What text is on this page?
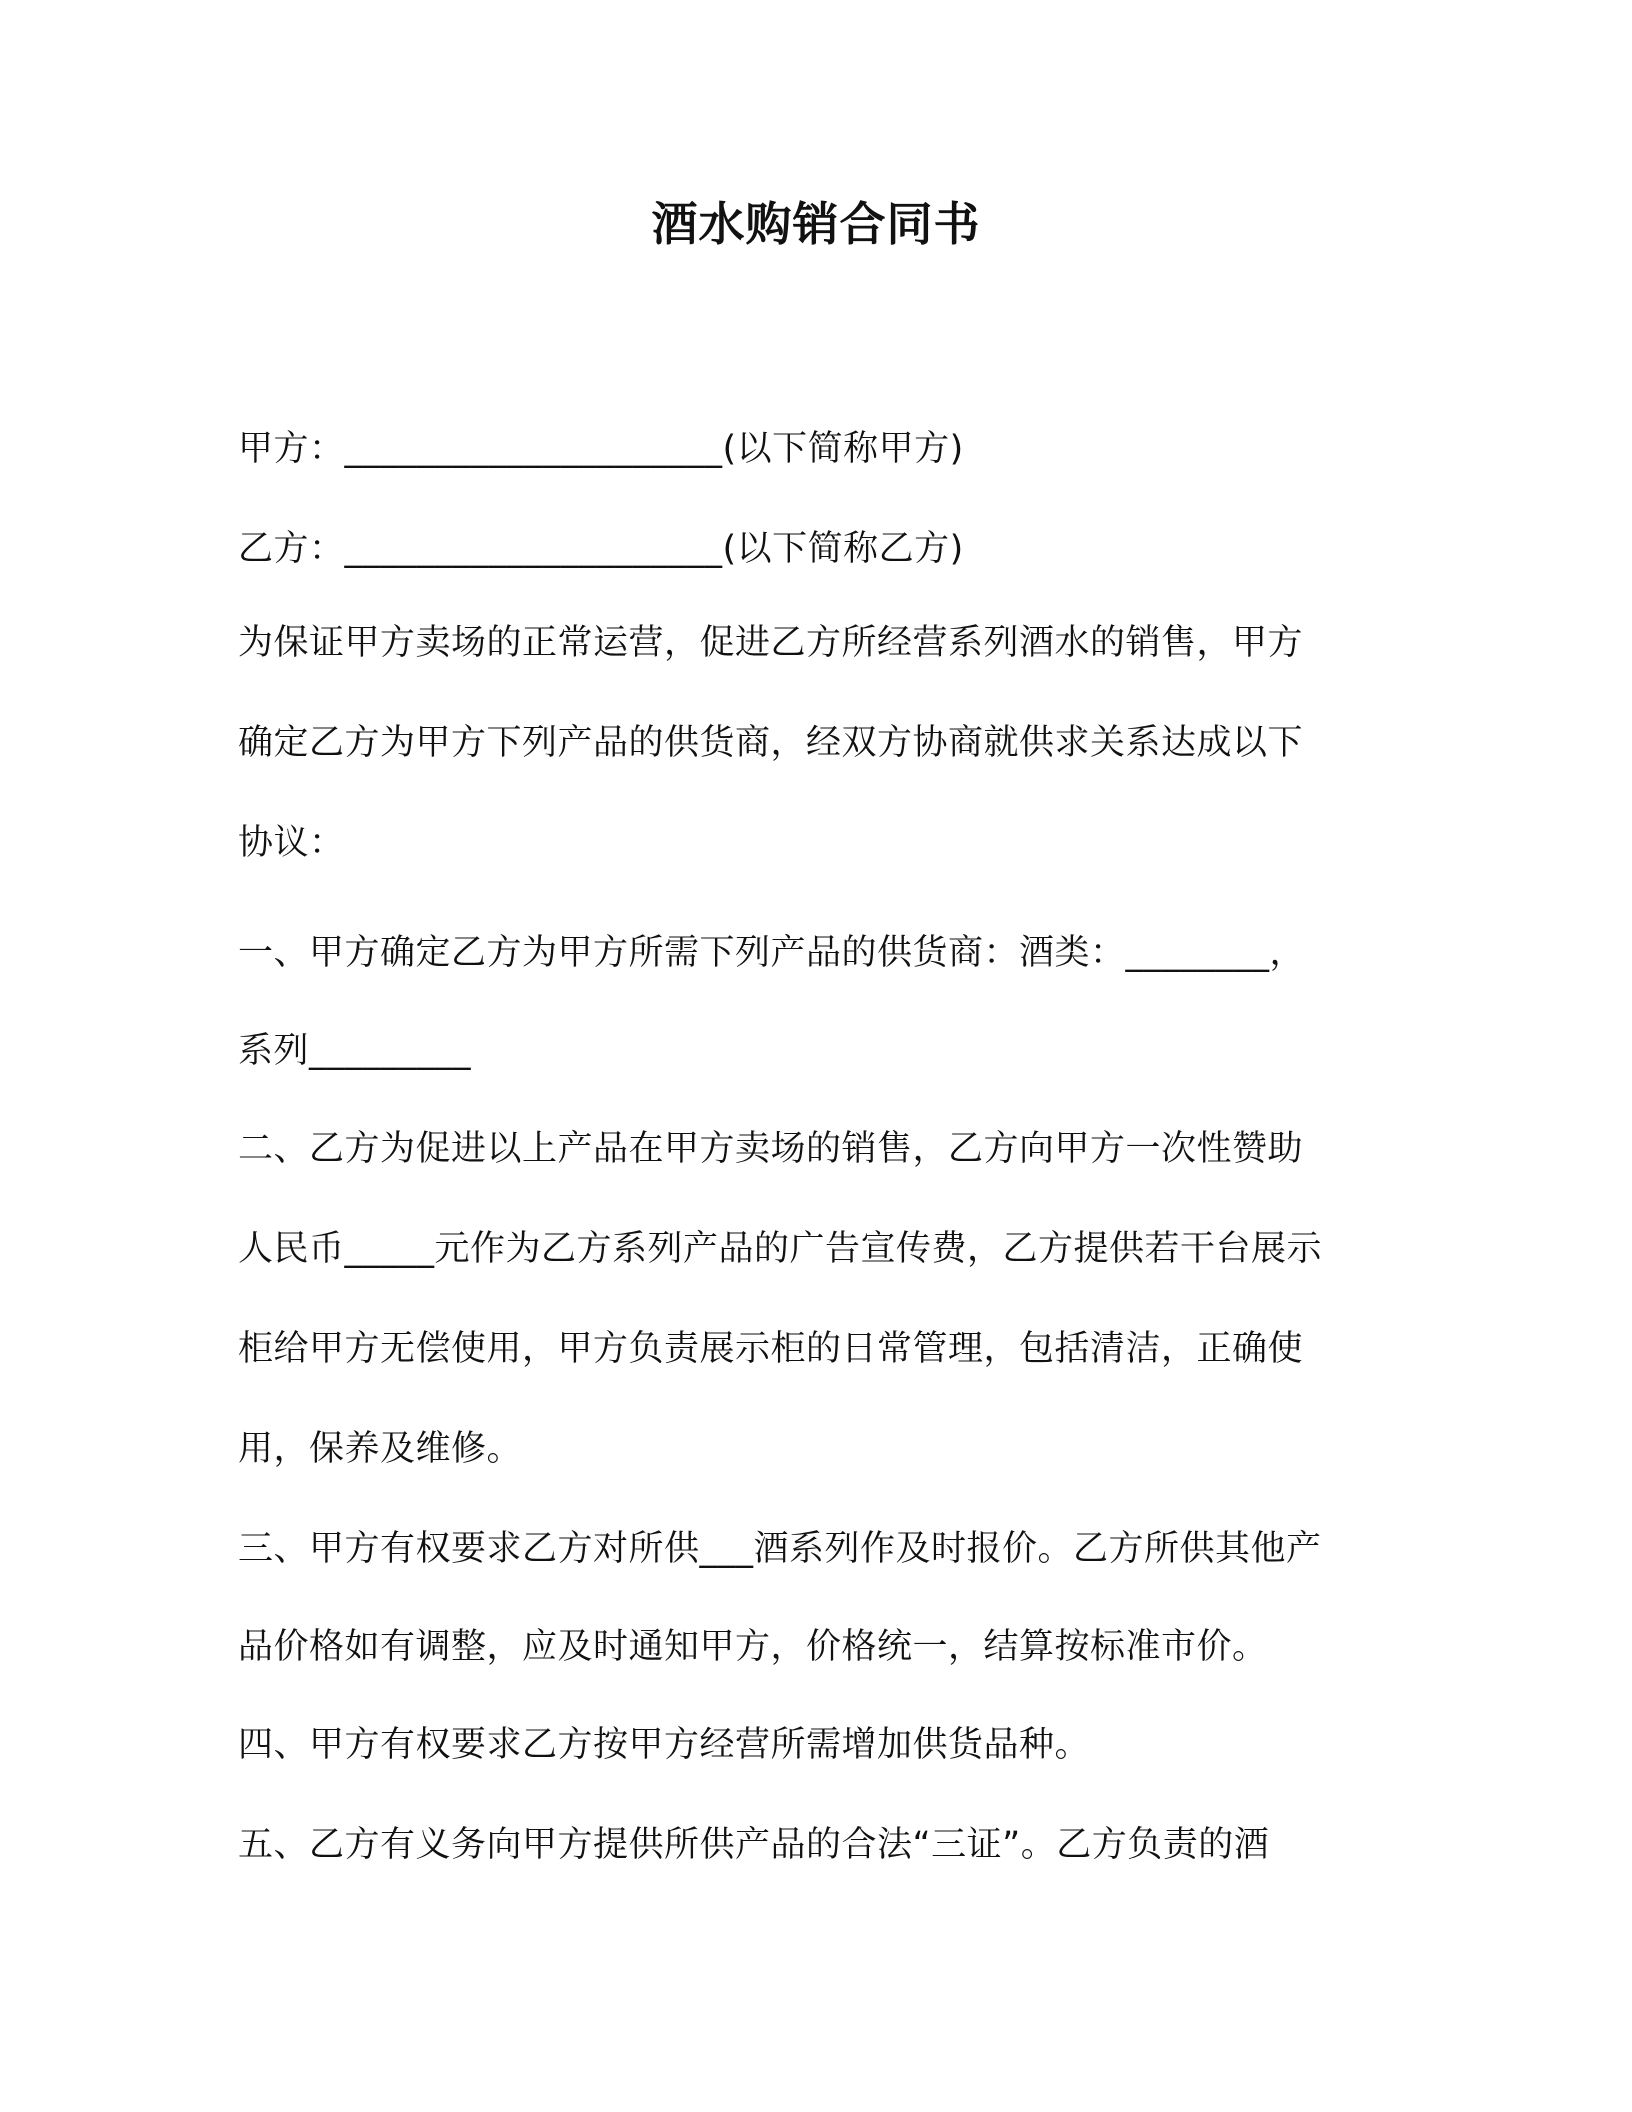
酒水购销合同书
甲方：_____________________(以下简称甲方)
乙方：_____________________(以下简称乙方)
为保证甲方卖场的正常运营，促进乙方所经营系列酒水的销售，甲方
确定乙方为甲方下列产品的供货商，经双方协商就供求关系达成以下
协议：
一、甲方确定乙方为甲方所需下列产品的供货商：酒类：________，
系列_________
二、乙方为促进以上产品在甲方卖场的销售，乙方向甲方一次性赞助
人民币_____元作为乙方系列产品的广告宣传费，乙方提供若干台展示
柜给甲方无偿使用，甲方负责展示柜的日常管理，包括清洁，正确使
用，保养及维修。
三、甲方有权要求乙方对所供___酒系列作及时报价。乙方所供其他产
品价格如有调整，应及时通知甲方，价格统一，结算按标准市价。
四、甲方有权要求乙方按甲方经营所需增加供货品种。
五、乙方有义务向甲方提供所供产品的合法“三证”。乙方负责的酒
